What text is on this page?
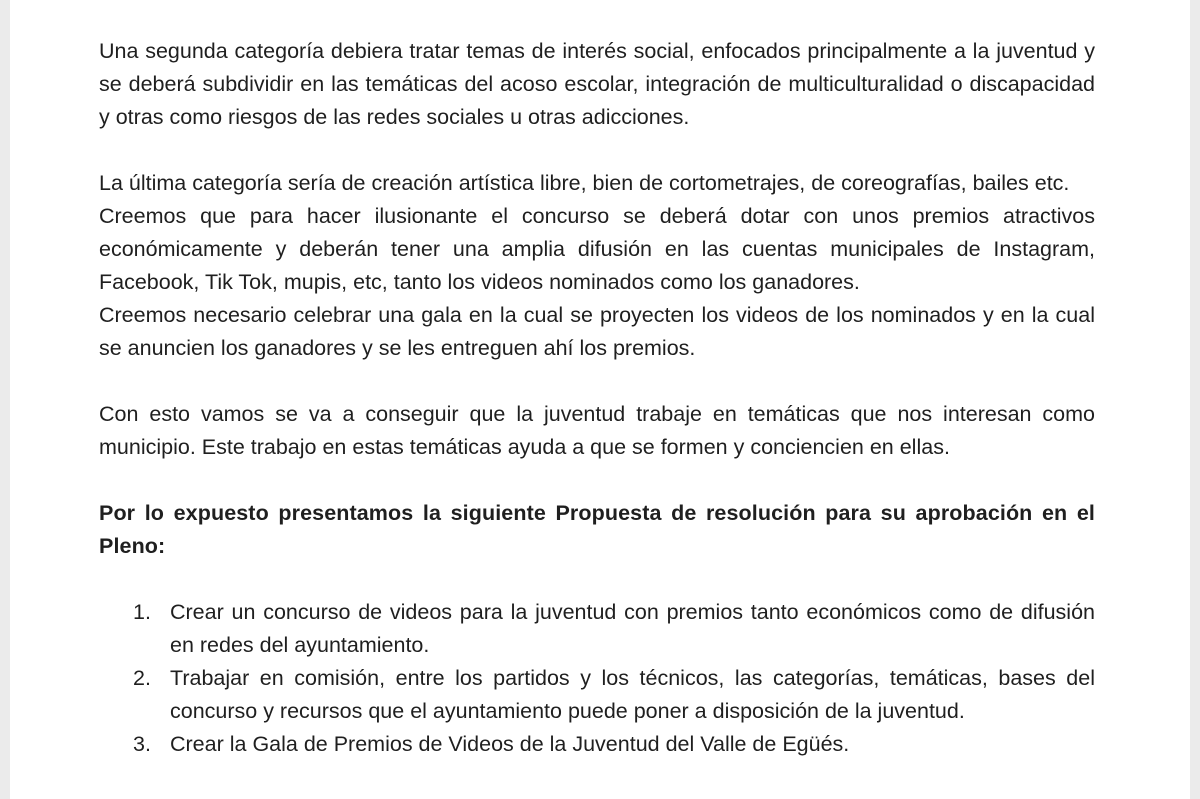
Una segunda categoría debiera tratar temas de interés social, enfocados principalmente a la juventud y se deberá subdividir en las temáticas del acoso escolar, integración de multiculturalidad o discapacidad y otras como riesgos de las redes sociales u otras adicciones.

La última categoría sería de creación artística libre, bien de cortometrajes, de coreografías, bailes etc.

Creemos que para hacer ilusionante el concurso se deberá dotar con unos premios atractivos económicamente y deberán tener una amplia difusión en las cuentas municipales de Instagram, Facebook, Tik Tok, mupis, etc, tanto los videos nominados como los ganadores.

Creemos necesario celebrar una gala en la cual se proyecten los videos de los nominados y en la cual se anuncien los ganadores y se les entreguen ahí los premios.

Con esto vamos se va a conseguir que la juventud trabaje en temáticas que nos interesan como municipio. Este trabajo en estas temáticas ayuda a que se formen y conciencien en ellas.

Por lo expuesto presentamos la siguiente Propuesta de resolución para su aprobación en el Pleno:

1. Crear un concurso de videos para la juventud con premios tanto económicos como de difusión en redes del ayuntamiento.
2. Trabajar en comisión, entre los partidos y los técnicos, las categorías, temáticas, bases del concurso y recursos que el ayuntamiento puede poner a disposición de la juventud.
3. Crear la Gala de Premios de Videos de la Juventud del Valle de Egüés.
